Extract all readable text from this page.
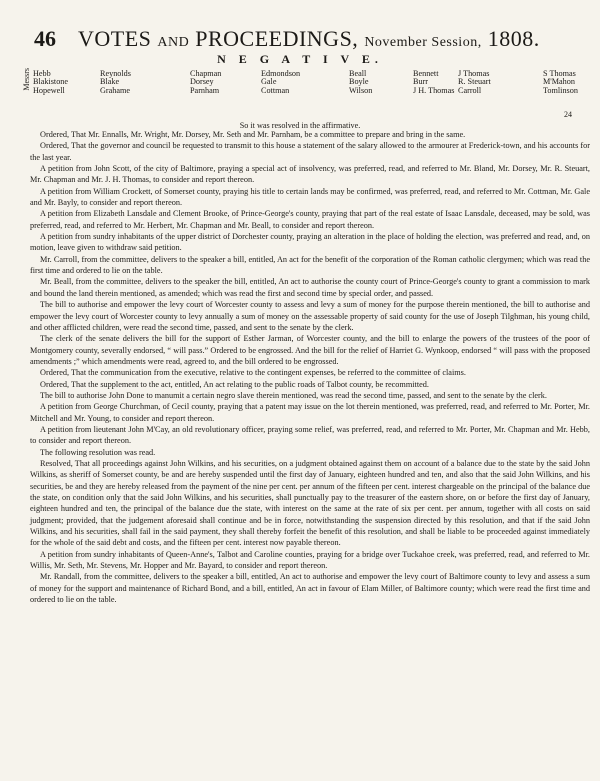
46 VOTES AND PROCEEDINGS, November Session, 1808.
N E G A T I V E.
Messrs Hebb
Blakistone
Hopewell
Reynolds
Blake
Grahame
Chapman
Dorsey
Parnham
Edmondson
Gale
Cottman
Beall
Boyle
Wilson
Bennett
Burr
J H. Thomas
J Thomas
R. Steuart
Carroll
S Thomas
M'Mahon
Tomlinson
24
So it was resolved in the affirmative.

Ordered, That Mr. Ennalls, Mr. Wright, Mr. Dorsey, Mr. Seth and Mr. Parnham, be a committee to prepare and bring in the same.

Ordered, That the governor and council be requested to transmit to this house a statement of the salary allowed to the armourer at Frederick-town, and his accounts for the last year.

A petition from John Scott, of the city of Baltimore, praying a special act of insolvency, was preferred, read, and referred to Mr. Bland, Mr. Dorsey, Mr. R. Steuart, Mr. Chapman and Mr. J. H. Thomas, to consider and report thereon.

A petition from William Crockett, of Somerset county, praying his title to certain lands may be confirmed, was preferred, read, and referred to Mr. Cottman, Mr. Gale and Mr. Bayly, to consider and report thereon.

A petition from Elizabeth Lansdale and Clement Brooke, of Prince-George's county, praying that part of the real estate of Isaac Lansdale, deceased, may be sold, was preferred, read, and referred to Mr. Herbert, Mr. Chapman and Mr. Beall, to consider and report thereon.

A petition from sundry inhabitants of the upper district of Dorchester county, praying an alteration in the place of holding the election, was preferred and read, and, on motion, leave given to withdraw said petition.

Mr. Carroll, from the committee, delivers to the speaker a bill, entitled, An act for the benefit of the corporation of the Roman catholic clergymen; which was read the first time and ordered to lie on the table.

Mr. Beall, from the committee, delivers to the speaker the bill, entitled, An act to authorise the county court of Prince-George's county to grant a commission to mark and bound the land therein mentioned, as amended; which was read the first and second time by special order, and passed.

The bill to authorise and empower the levy court of Worcester county to assess and levy a sum of money for the purpose therein mentioned, the bill to authorise and empower the levy court of Worcester county to levy annually a sum of money on the assessable property of said county for the use of Joseph Tilghman, his young child, and other afflicted children, were read the second time, passed, and sent to the senate by the clerk.

The clerk of the senate delivers the bill for the support of Esther Jarman, of Worcester county, and the bill to enlarge the powers of the trustees of the poor of Montgomery county, severally endorsed, “ will pass.” Ordered to be engrossed. And the bill for the relief of Harriet G. Wynkoop, endorsed “ will pass with the proposed amendments ;” which amendments were read, agreed to, and the bill ordered to be engrossed.

Ordered, That the communication from the executive, relative to the contingent expenses, be referred to the committee of claims.

Ordered, That the supplement to the act, entitled, An act relating to the public roads of Talbot county, be recommitted.

The bill to authorise John Done to manumit a certain negro slave therein mentioned, was read the second time, passed, and sent to the senate by the clerk.

A petition from George Churchman, of Cecil county, praying that a patent may issue on the lot therein mentioned, was preferred, read, and referred to Mr. Porter, Mr. Mitchell and Mr. Young, to consider and report thereon.

A petition from lieutenant John M'Cay, an old revolutionary officer, praying some relief, was preferred, read, and referred to Mr. Porter, Mr. Chapman and Mr. Hebb, to consider and report thereon.

The following resolution was read.

Resolved, That all proceedings against John Wilkins, and his securities, on a judgment obtained against them on account of a balance due to the state by the said John Wilkins, as sheriff of Somerset county, be and are hereby suspended until the first day of January, eighteen hundred and ten, and also that the said John Wilkins, and his securities, be and they are hereby released from the payment of the nine per cent. per annum of the fifteen per cent. interest chargeable on the principal of the balance due the state, on condition only that the said John Wilkins, and his securities, shall punctually pay to the treasurer of the eastern shore, on or before the first day of January, eighteen hundred and ten, the principal of the balance due the state, with interest on the same at the rate of six per cent. per annum, together with all costs on said judgment; provided, that the judgement aforesaid shall continue and be in force, notwithstanding the suspension directed by this resolution, and that if the said John Wilkins, and his securities, shall fail in the said payment, they shall thereby forfeit the benefit of this resolution, and shall be liable to be proceeded against immediately for the whole of the said debt and costs, and the fifteen per cent. interest now payable thereon.

A petition from sundry inhabitants of Queen-Anne's, Talbot and Caroline counties, praying for a bridge over Tuckahoe creek, was preferred, read, and referred to Mr. Willis, Mr. Seth, Mr. Stevens, Mr. Hopper and Mr. Bayard, to consider and report thereon.

Mr. Randall, from the committee, delivers to the speaker a bill, entitled, An act to authorise and empower the levy court of Baltimore county to levy and assess a sum of money for the support and maintenance of Richard Bond, and a bill, entitled, An act in favour of Elam Miller, of Baltimore county; which were read the first time and ordered to lie on the table.
